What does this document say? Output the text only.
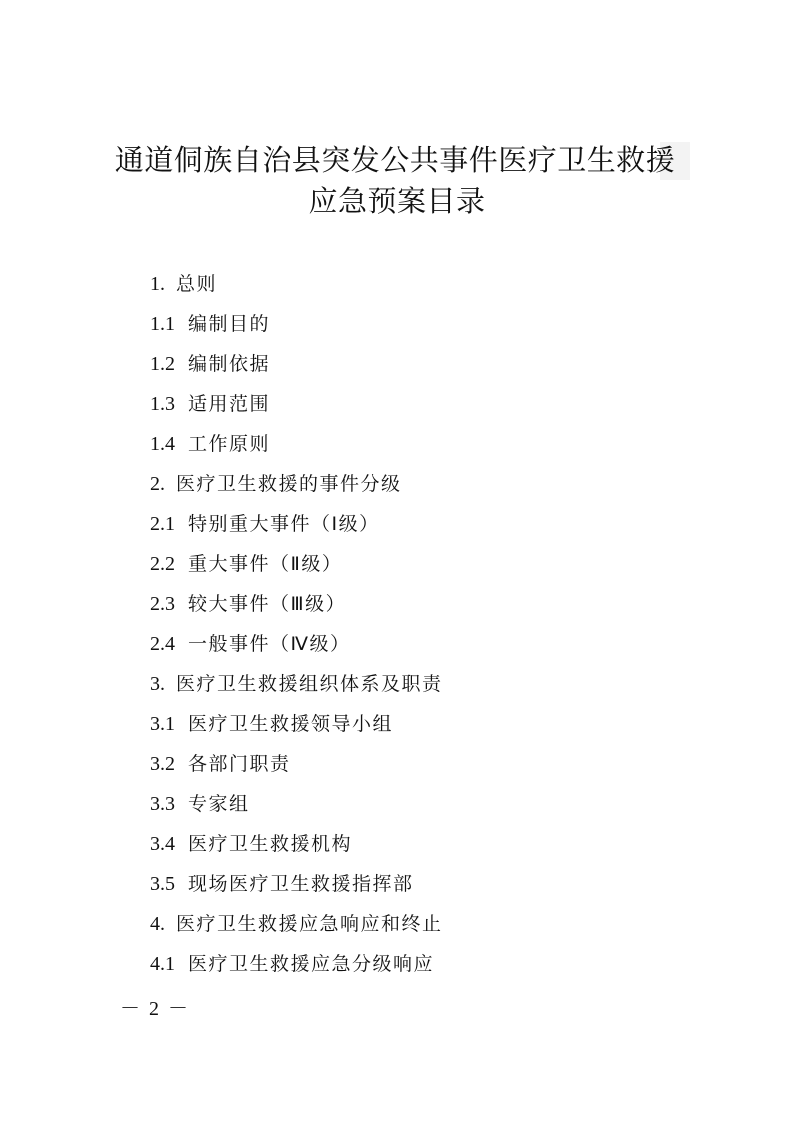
通道侗族自治县突发公共事件医疗卫生救援
应急预案目录
1. 总则
1.1 编制目的
1.2 编制依据
1.3 适用范围
1.4 工作原则
2. 医疗卫生救援的事件分级
2.1 特别重大事件（Ⅰ级）
2.2 重大事件（Ⅱ级）
2.3 较大事件（Ⅲ级）
2.4 一般事件（Ⅳ级）
3. 医疗卫生救援组织体系及职责
3.1 医疗卫生救援领导小组
3.2 各部门职责
3.3 专家组
3.4 医疗卫生救援机构
3.5 现场医疗卫生救援指挥部
4. 医疗卫生救援应急响应和终止
4.1 医疗卫生救援应急分级响应
－ 2 －
